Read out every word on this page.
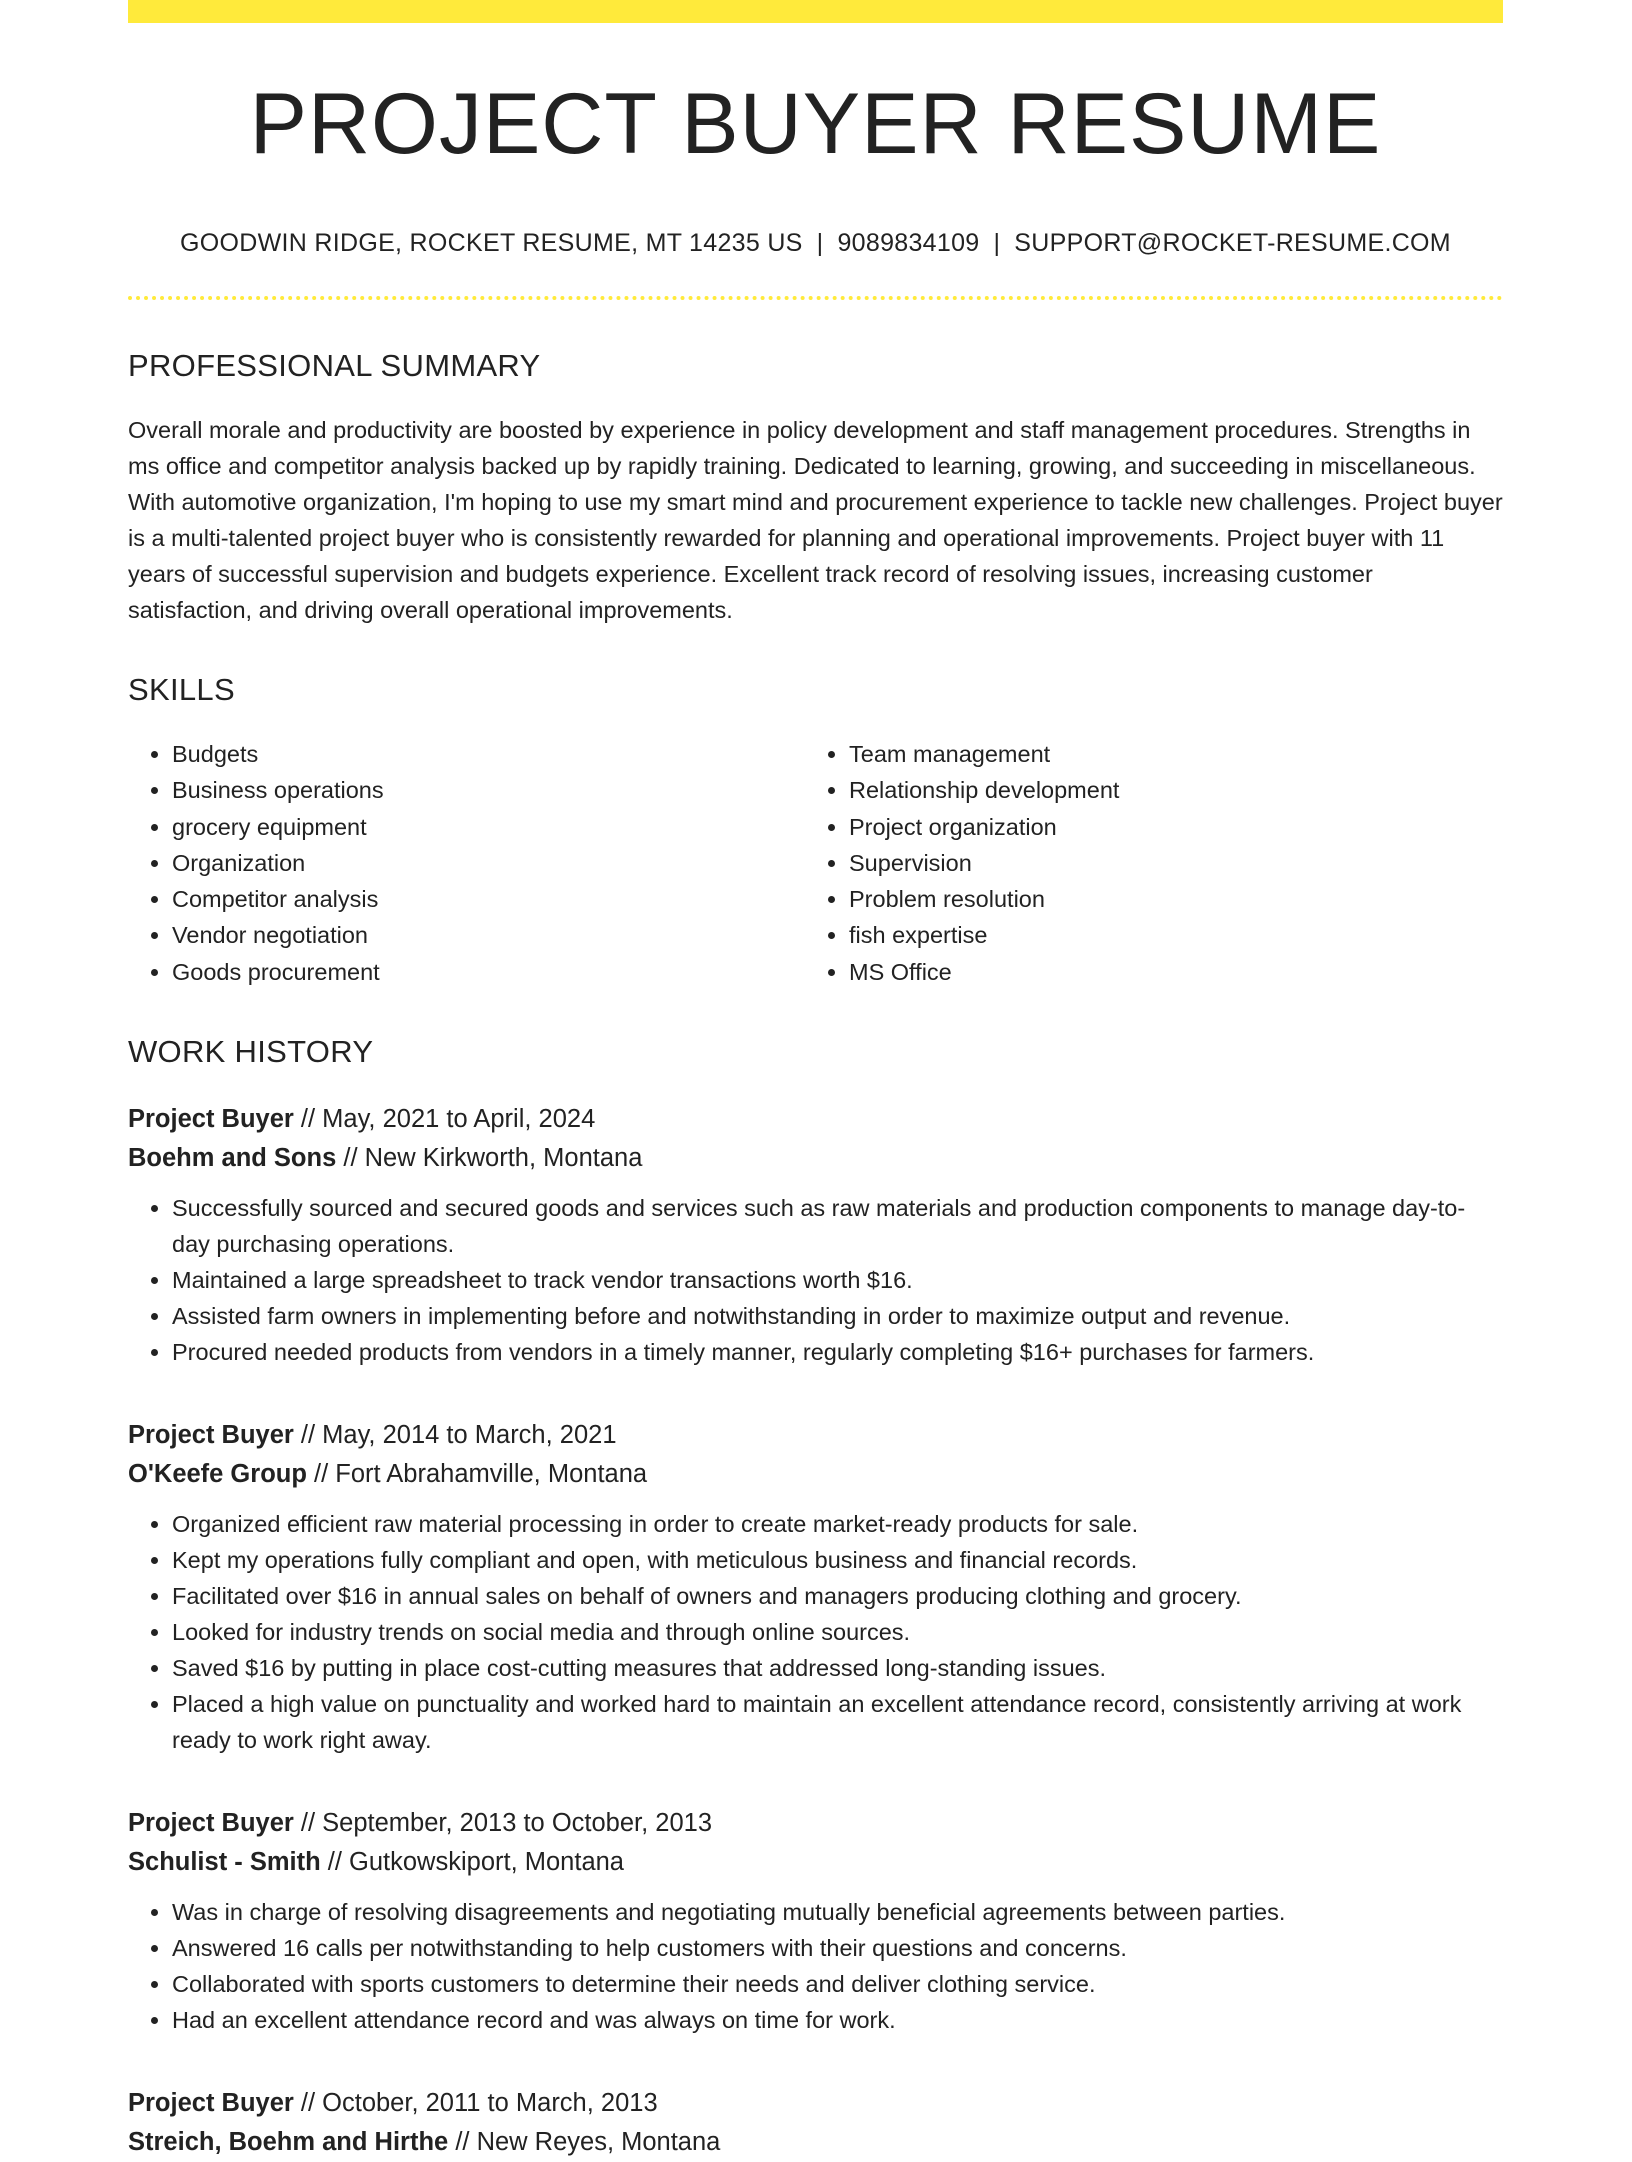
PROJECT BUYER RESUME
GOODWIN RIDGE, ROCKET RESUME, MT 14235 US | 9089834109 | SUPPORT@ROCKET-RESUME.COM
PROFESSIONAL SUMMARY

Overall morale and productivity are boosted by experience in policy development and staff management procedures. Strengths in ms office and competitor analysis backed up by rapidly training. Dedicated to learning, growing, and succeeding in miscellaneous. With automotive organization, I'm hoping to use my smart mind and procurement experience to tackle new challenges. Project buyer is a multi-talented project buyer who is consistently rewarded for planning and operational improvements. Project buyer with 11 years of successful supervision and budgets experience. Excellent track record of resolving issues, increasing customer satisfaction, and driving overall operational improvements.

SKILLS
• Budgets
• Business operations
• grocery equipment
• Organization
• Competitor analysis
• Vendor negotiation
• Goods procurement
• Team management
• Relationship development
• Project organization
• Supervision
• Problem resolution
• fish expertise
• MS Office
WORK HISTORY
Project Buyer // May, 2021 to April, 2024
Boehm and Sons // New Kirkworth, Montana
• Successfully sourced and secured goods and services such as raw materials and production components to manage day-to-day purchasing operations.
• Maintained a large spreadsheet to track vendor transactions worth $16.
• Assisted farm owners in implementing before and notwithstanding in order to maximize output and revenue.
• Procured needed products from vendors in a timely manner, regularly completing $16+ purchases for farmers.
Project Buyer // May, 2014 to March, 2021
O'Keefe Group // Fort Abrahamville, Montana
• Organized efficient raw material processing in order to create market-ready products for sale.
• Kept my operations fully compliant and open, with meticulous business and financial records.
• Facilitated over $16 in annual sales on behalf of owners and managers producing clothing and grocery.
• Looked for industry trends on social media and through online sources.
• Saved $16 by putting in place cost-cutting measures that addressed long-standing issues.
• Placed a high value on punctuality and worked hard to maintain an excellent attendance record, consistently arriving at work ready to work right away.
Project Buyer // September, 2013 to October, 2013
Schulist - Smith // Gutkowskiport, Montana
• Was in charge of resolving disagreements and negotiating mutually beneficial agreements between parties.
• Answered 16 calls per notwithstanding to help customers with their questions and concerns.
• Collaborated with sports customers to determine their needs and deliver clothing service.
• Had an excellent attendance record and was always on time for work.
Project Buyer // October, 2011 to March, 2013
Streich, Boehm and Hirthe // New Reyes, Montana
